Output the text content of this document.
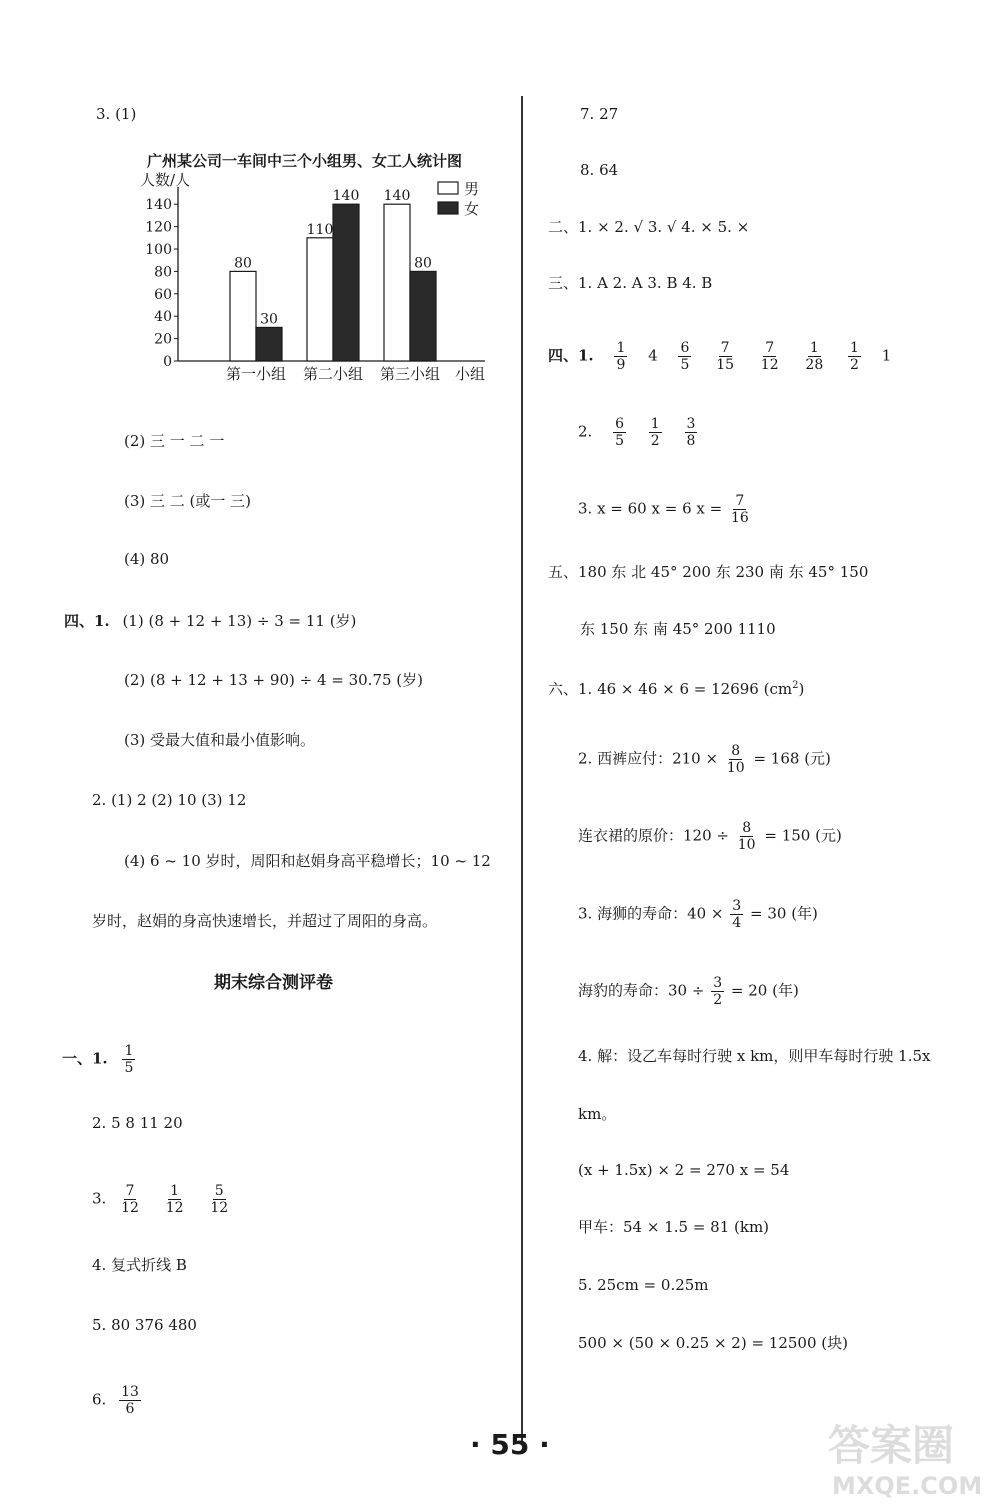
3. (1)
广州某公司一车间中三个小组男、女工人统计图
人数/人
0
20
40
60
80
100
120
140
80
30
第一小组
110
140
第二小组
140
80
第三小组 小组
男
女
(2) 三 一 二 一
(3) 三 二 (或一 三)
(4) 80
四、1. (1) (8 + 12 + 13) ÷ 3 = 11 (岁)
(2) (8 + 12 + 13 + 90) ÷ 4 = 30.75 (岁)
(3) 受最大值和最小值影响。
2. (1) 2 (2) 10 (3) 12
(4) 6 ~ 10 岁时，周阳和赵娟身高平稳增长；10 ~ 12
岁时，赵娟的身高快速增长，并超过了周阳的身高。
期末综合测评卷
一、1. $\frac{1}{5}$
2. 5 8 11 20
3. $\frac{7}{12}$
$\frac{1}{12}$
$\frac{5}{12}$
4. 复式折线 B
5. 80 376 480
6. $\frac{13}{6}$
7. 27
8. 64
二、1. × 2. √ 3. √ 4. × 5. ×
三、1. A 2. A 3. B 4. B
四、1. $\frac{1}{9} 4 \frac{6}{5}$
$\frac{7}{15}$
$\frac{7}{12}$
$\frac{1}{28}$
$\frac{1}{2} 1$
2. $\frac{6}{5}$
$\frac{1}{2}$
$\frac{3}{8}$
3. x = 60 x = 6 $x = \frac{7}{16}$
五、180 东 北 45° 200 东 230 南 东 45° 150
东 150 东 南 45° 200 1110
六、1. 46 × 46 × 6 = 12696 $(cm^2)$
2. 西裤应付：$210 \times \frac{8}{10} = 168$ (元)
连衣裙的原价：$120 \div \frac{8}{10} = 150$ (元)
3. 海狮的寿命：$40 \times \frac{3}{4} = 30$ (年)
海豹的寿命：$30 \div \frac{3}{2} = 20$ (年)
4. 解：设乙车每时行驶 x km，则甲车每时行驶 1.5x
km。
(x + 1.5x) × 2 = 270 x = 54
甲车：54 × 1.5 = 81 (km)
5. 25cm = 0.25m
500 × (50 × 0.25 × 2) = 12500 (块)
· 55 ·	答案圈
MXQE.COM
